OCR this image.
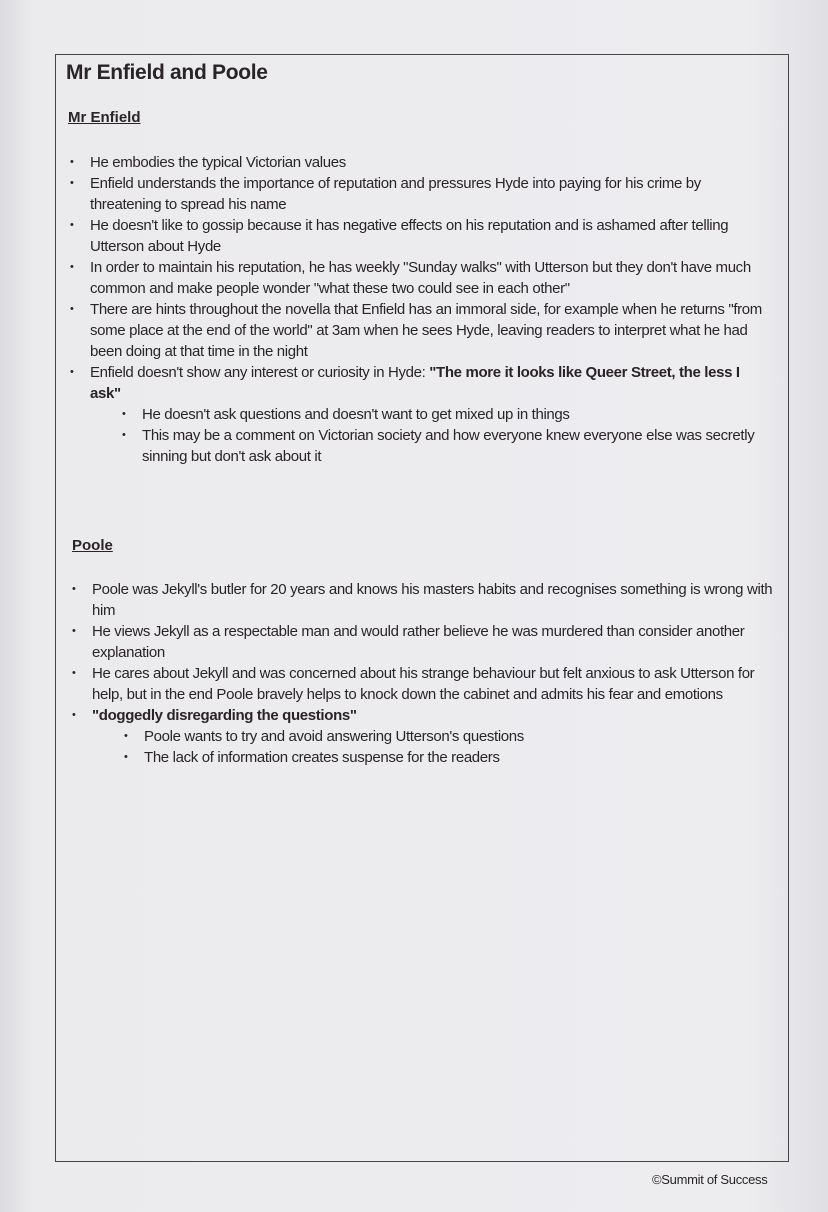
Mr Enfield and Poole
Mr Enfield
• He embodies the typical Victorian values
• Enfield understands the importance of reputation and pressures Hyde into paying for his crime by threatening to spread his name
• He doesn't like to gossip because it has negative effects on his reputation and is ashamed after telling Utterson about Hyde
• In order to maintain his reputation, he has weekly "Sunday walks" with Utterson but they don't have much common and make people wonder "what these two could see in each other"
• There are hints throughout the novella that Enfield has an immoral side, for example when he returns "from some place at the end of the world" at 3am when he sees Hyde, leaving readers to interpret what he had been doing at that time in the night
• Enfield doesn't show any interest or curiosity in Hyde: "The more it looks like Queer Street, the less I ask"
• He doesn't ask questions and doesn't want to get mixed up in things
• This may be a comment on Victorian society and how everyone knew everyone else was secretly sinning but don't ask about it
Poole
• Poole was Jekyll's butler for 20 years and knows his masters habits and recognises something is wrong with him
• He views Jekyll as a respectable man and would rather believe he was murdered than consider another explanation
• He cares about Jekyll and was concerned about his strange behaviour but felt anxious to ask Utterson for help, but in the end Poole bravely helps to knock down the cabinet and admits his fear and emotions
• "doggedly disregarding the questions"
• Poole wants to try and avoid answering Utterson's questions
• The lack of information creates suspense for the readers
©Summit of Success
